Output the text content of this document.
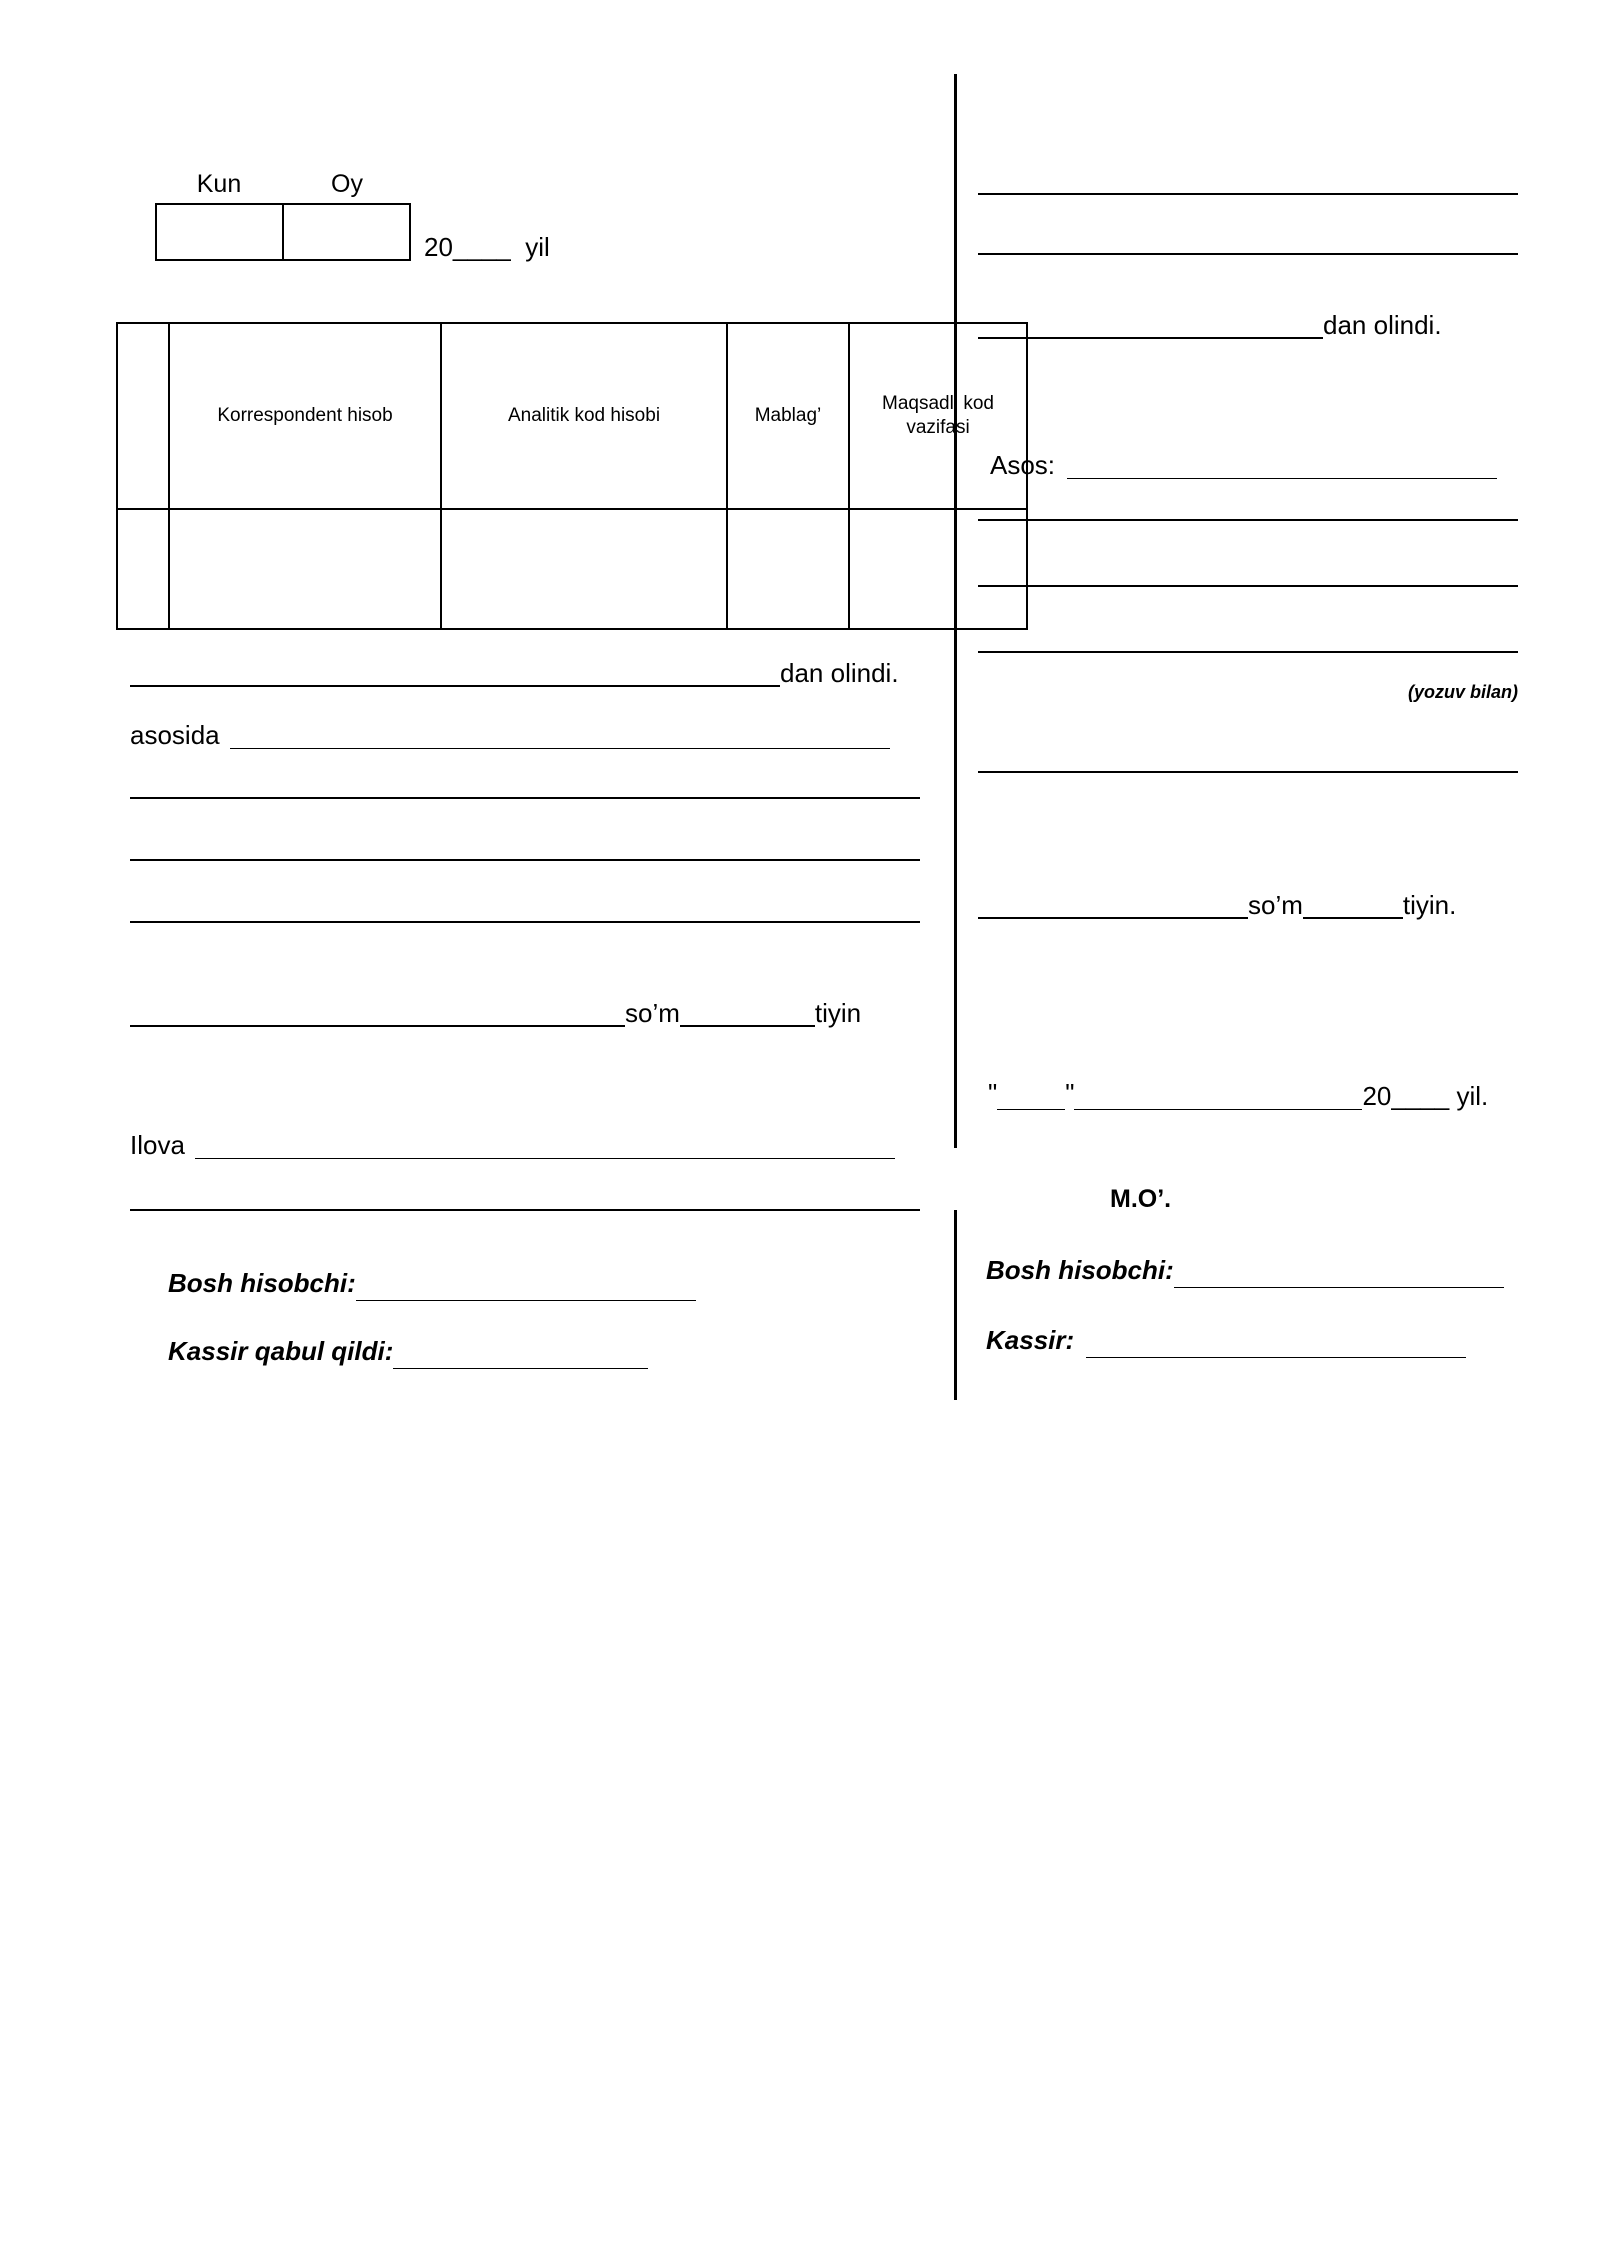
Kun	Oy
20____  yil
	Korrespondent hisob	Analitik kod hisobi	Mablag’	Maqsadli kod vazifasi

dan olindi.
asosida
so’m	tiyin
Ilova
Bosh hisobchi:
Kassir qabul qildi:
dan olindi.
Asos:
(yozuv bilan)
so’m	tiyin.
"	"	20____ yil.
M.O’.
Bosh hisobchi:
Kassir:
